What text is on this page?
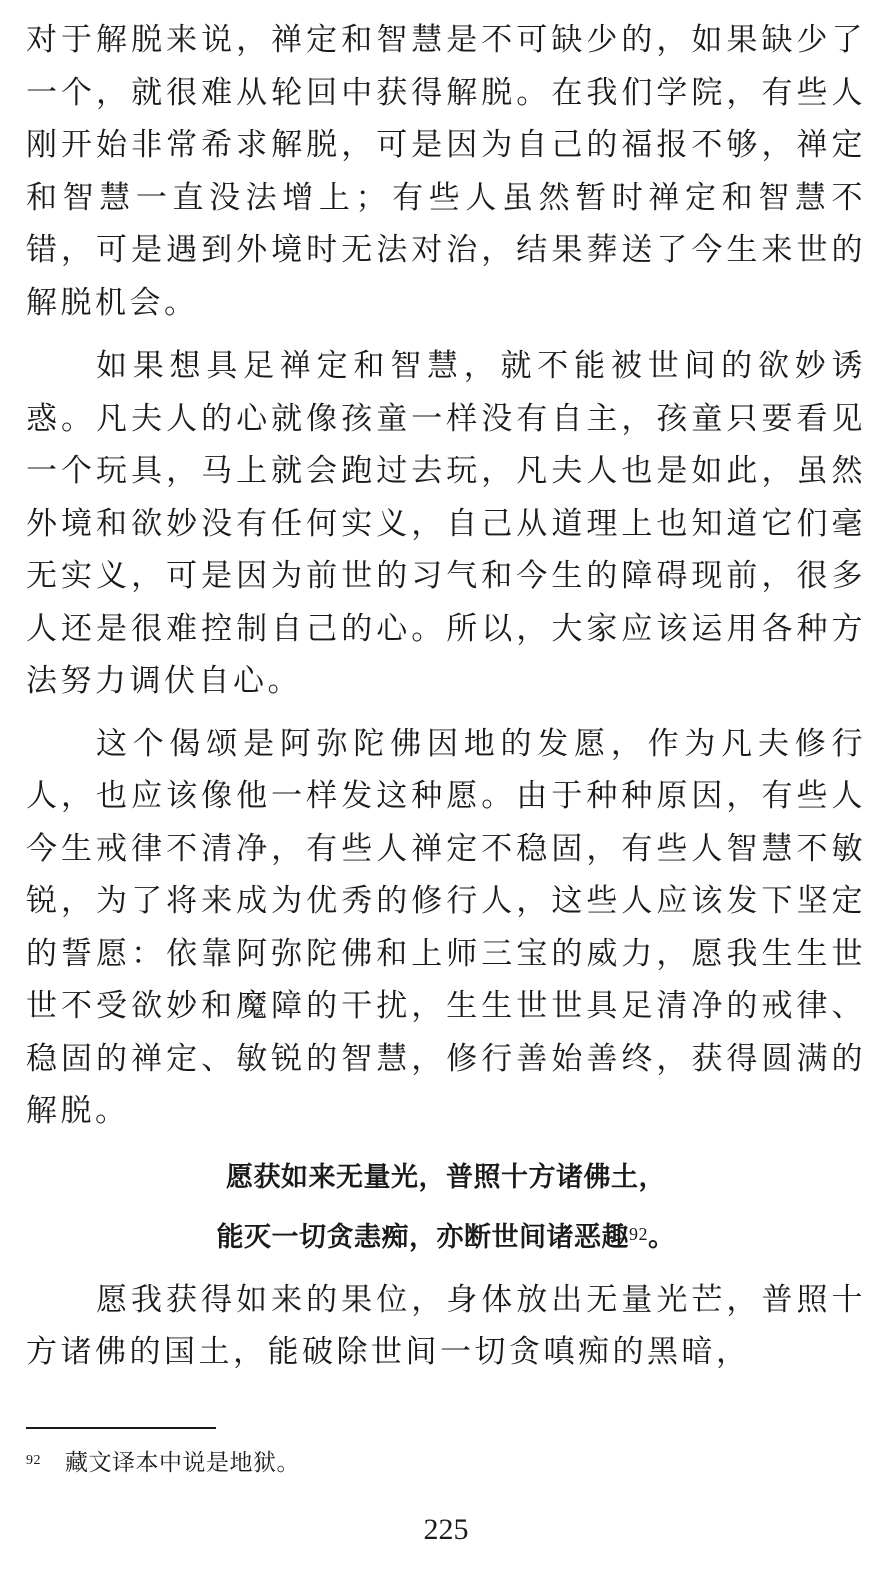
对于解脱来说，禅定和智慧是不可缺少的，如果缺少了一个，就很难从轮回中获得解脱。在我们学院，有些人刚开始非常希求解脱，可是因为自己的福报不够，禅定和智慧一直没法增上；有些人虽然暂时禅定和智慧不错，可是遇到外境时无法对治，结果葬送了今生来世的解脱机会。

如果想具足禅定和智慧，就不能被世间的欲妙诱惑。凡夫人的心就像孩童一样没有自主，孩童只要看见一个玩具，马上就会跑过去玩，凡夫人也是如此，虽然外境和欲妙没有任何实义，自己从道理上也知道它们毫无实义，可是因为前世的习气和今生的障碍现前，很多人还是很难控制自己的心。所以，大家应该运用各种方法努力调伏自心。

这个偈颂是阿弥陀佛因地的发愿，作为凡夫修行人，也应该像他一样发这种愿。由于种种原因，有些人今生戒律不清净，有些人禅定不稳固，有些人智慧不敏锐，为了将来成为优秀的修行人，这些人应该发下坚定的誓愿：依靠阿弥陀佛和上师三宝的威力，愿我生生世世不受欲妙和魔障的干扰，生生世世具足清净的戒律、稳固的禅定、敏锐的智慧，修行善始善终，获得圆满的解脱。

愿获如来无量光，普照十方诸佛土，
能灭一切贪恚痴，亦断世间诸恶趣$^{92}$。

愿我获得如来的果位，身体放出无量光芒，普照十方诸佛的国土，能破除世间一切贪嗔痴的黑暗，

$^{92}$ 藏文译本中说是地狱。
225
